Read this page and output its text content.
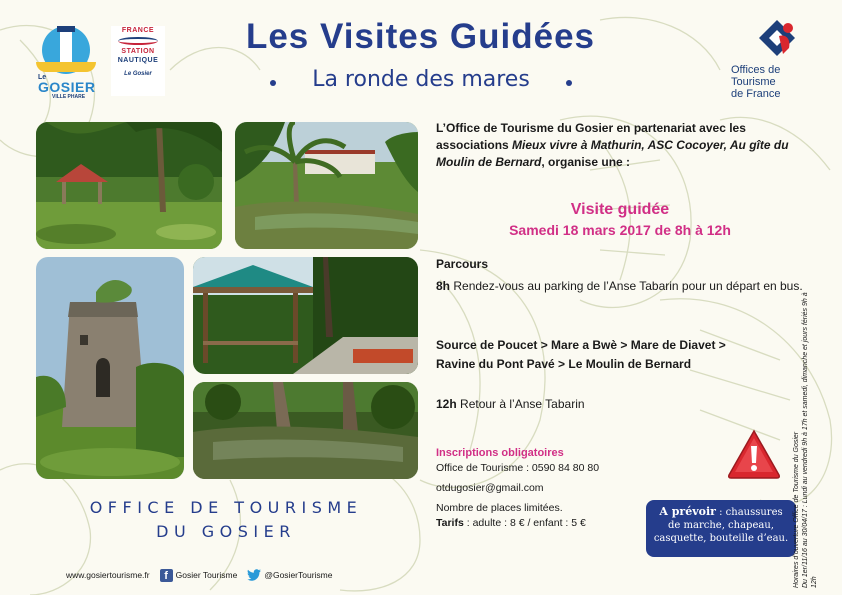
Le
GOSIER
VILLE PHARE
FRANCE
STATION
NAUTIQUE
Le Gosier	Offices de
Tourisme
de France
Les Visites Guidées
La ronde des mares
OFFICE DE TOURISME
DU GOSIER
www.gosiertourisme.fr	f Gosier Tourisme	@GosierTourisme
L’Office de Tourisme du Gosier en partenariat avec les associations Mieux vivre à Mathurin, ASC Cocoyer, Au gîte du Moulin de Bernard, organise une :
Visite guidée
Samedi 18 mars 2017 de 8h à 12h
Parcours
8h Rendez-vous au parking de l’Anse Tabarin pour un départ en bus.
Source de Poucet > Mare a Bwè > Mare de Diavet >
Ravine du Pont Pavé > Le Moulin de Bernard
12h Retour à l’Anse Tabarin
Inscriptions obligatoires
Office de Tourisme : 0590 84 80 80
otdugosier@gmail.com
Nombre de places limitées.
Tarifs : adulte : 8 € / enfant : 5 €
A prévoir : chaussures
de marche, chapeau,
casquette, bouteille d’eau. Horaires d’ouverture Office de Tourisme du Gosier Du 1er/11/16 au 30/04/17 : Lundi au vendredi 9h à 17h et samedi, dimanche et jours fériés 9h à 12h
